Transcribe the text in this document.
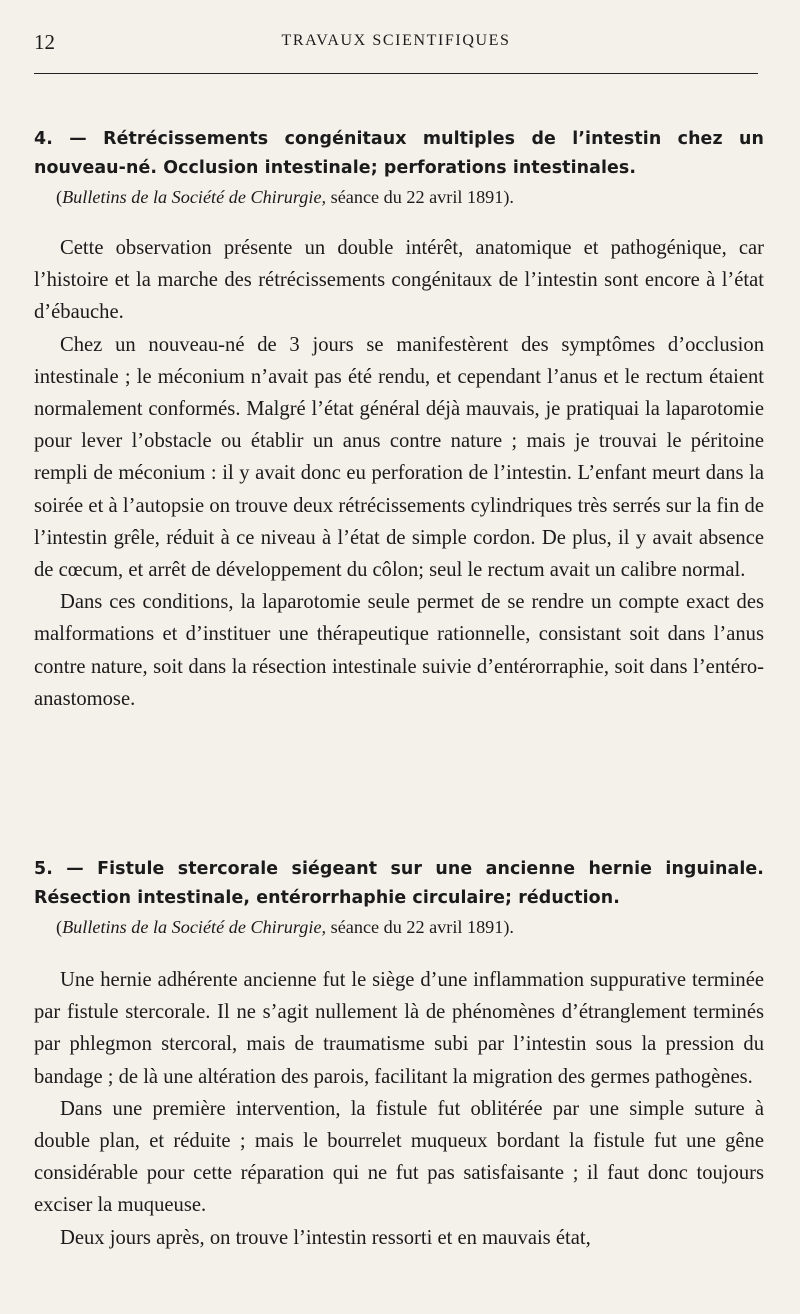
12	TRAVAUX SCIENTIFIQUES
4. — Rétrécissements congénitaux multiples de l’intestin chez un nouveau-né. Occlusion intestinale; perforations intestinales.

(Bulletins de la Société de Chirurgie, séance du 22 avril 1891).

Cette observation présente un double intérêt, anatomique et pathogénique, car l’histoire et la marche des rétrécissements congénitaux de l’intestin sont encore à l’état d’ébauche.

Chez un nouveau-né de 3 jours se manifestèrent des symptômes d’occlusion intestinale ; le méconium n’avait pas été rendu, et cependant l’anus et le rectum étaient normalement conformés. Malgré l’état général déjà mauvais, je pratiquai la laparotomie pour lever l’obstacle ou établir un anus contre nature ; mais je trouvai le péritoine rempli de méconium : il y avait donc eu perforation de l’intestin. L’enfant meurt dans la soirée et à l’autopsie on trouve deux rétrécissements cylindriques très serrés sur la fin de l’intestin grêle, réduit à ce niveau à l’état de simple cordon. De plus, il y avait absence de cœcum, et arrêt de développement du côlon; seul le rectum avait un calibre normal.

Dans ces conditions, la laparotomie seule permet de se rendre un compte exact des malformations et d’instituer une thérapeutique rationnelle, consistant soit dans l’anus contre nature, soit dans la résection intestinale suivie d’entérorraphie, soit dans l’entéro-anastomose.

5. — Fistule stercorale siégeant sur une ancienne hernie inguinale. Résection intestinale, entérorrhaphie circulaire; réduction.

(Bulletins de la Société de Chirurgie, séance du 22 avril 1891).

Une hernie adhérente ancienne fut le siège d’une inflammation suppurative terminée par fistule stercorale. Il ne s’agit nullement là de phénomènes d’étranglement terminés par phlegmon stercoral, mais de traumatisme subi par l’intestin sous la pression du bandage ; de là une altération des parois, facilitant la migration des germes pathogènes.

Dans une première intervention, la fistule fut oblitérée par une simple suture à double plan, et réduite ; mais le bourrelet muqueux bordant la fistule fut une gêne considérable pour cette réparation qui ne fut pas satisfaisante ; il faut donc toujours exciser la muqueuse.

Deux jours après, on trouve l’intestin ressorti et en mauvais état,
